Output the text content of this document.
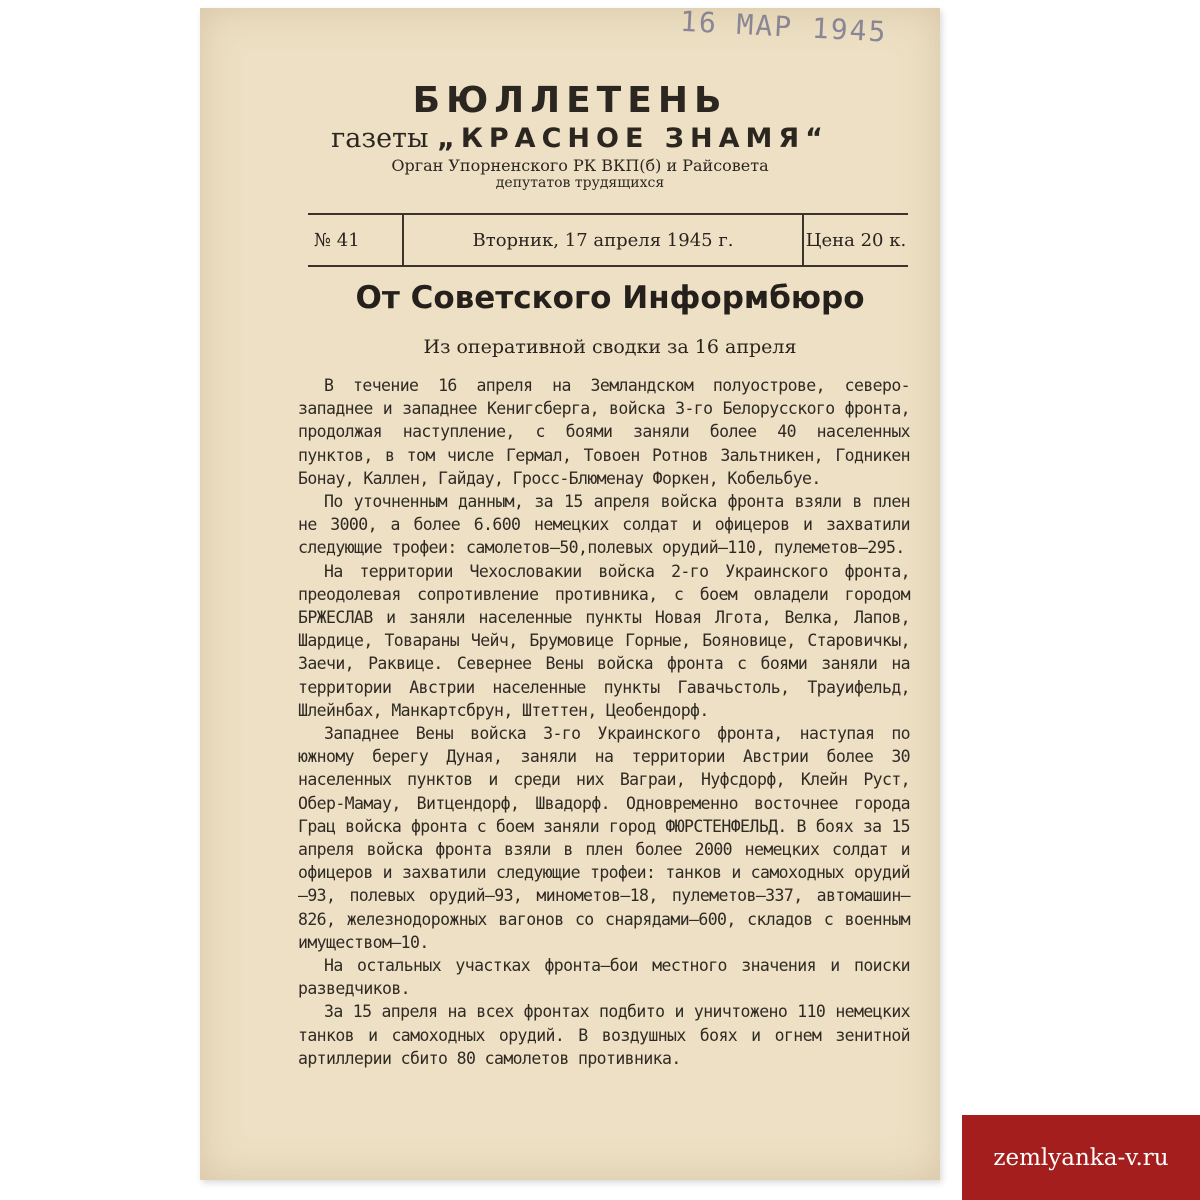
16 МАР 1945
БЮЛЛЕТЕНЬ
газеты „КРАСНОЕ ЗНАМЯ“
Орган Упорненского РК ВКП(б) и Райсовета
депутатов трудящихся
№ 41	Вторник, 17 апреля 1945 г.	Цена 20 к.
От Советского Информбюро
Из оперативной сводки за 16 апреля

В течение 16 апреля на Земландском полуострове, северо-западнее и западнее Кенигсберга, войска 3-го Белорусского фронта, продолжая наступление, с боями заняли более 40 населенных пунктов, в том числе Гермал, Товоен Ротнов Зальтникен, Годникен Бонау, Каллен, Гайдау, Гросс-Блюменау Форкен, Кобельбуе.

По уточненным данным, за 15 апреля войска фронта взяли в плен не 3000, а более 6.600 немецких солдат и офицеров и захватили следующие трофеи: самолетов—50,полевых орудий—110, пулеметов—295.

На территории Чехословакии войска 2-го Украинского фронта, преодолевая сопротивление противника, с боем овладели городом БРЖЕСЛАВ и заняли населенные пункты Новая Лгота, Велка, Лапов, Шардице, Товараны Чейч, Брумовице Горные, Бояновице, Старовичкы, Заечи, Раквице. Севернее Вены войска фронта с боями заняли на территории Австрии населенные пункты Гавачьстоль, Трауифельд, Шлейнбах, Манкартсбрун, Штеттен, Цеобендорф.

Западнее Вены войска 3-го Украинского фронта, наступая по южному берегу Дуная, заняли на территории Австрии более 30 населенных пунктов и среди них Ваграи, Нуфсдорф, Клейн Руст, Обер-Мамау, Витцендорф, Швадорф. Одновременно восточнее города Грац войска фронта с боем заняли город ФЮРСТЕНФЕЛЬД. В боях за 15 апреля войска фронта взяли в плен более 2000 немецких солдат и офицеров и захватили следующие трофеи: танков и самоходных орудий—93, полевых орудий—93, минометов—18, пулеметов—337, автомашин—826, железнодорожных вагонов со снарядами—600, складов с военным имуществом—10.

На остальных участках фронта—бои местного значения и поиски разведчиков.

За 15 апреля на всех фронтах подбито и уничтожено 110 немецких танков и самоходных орудий. В воздушных боях и огнем зенитной артиллерии сбито 80 самолетов противника.

zemlyanka-v.ru
